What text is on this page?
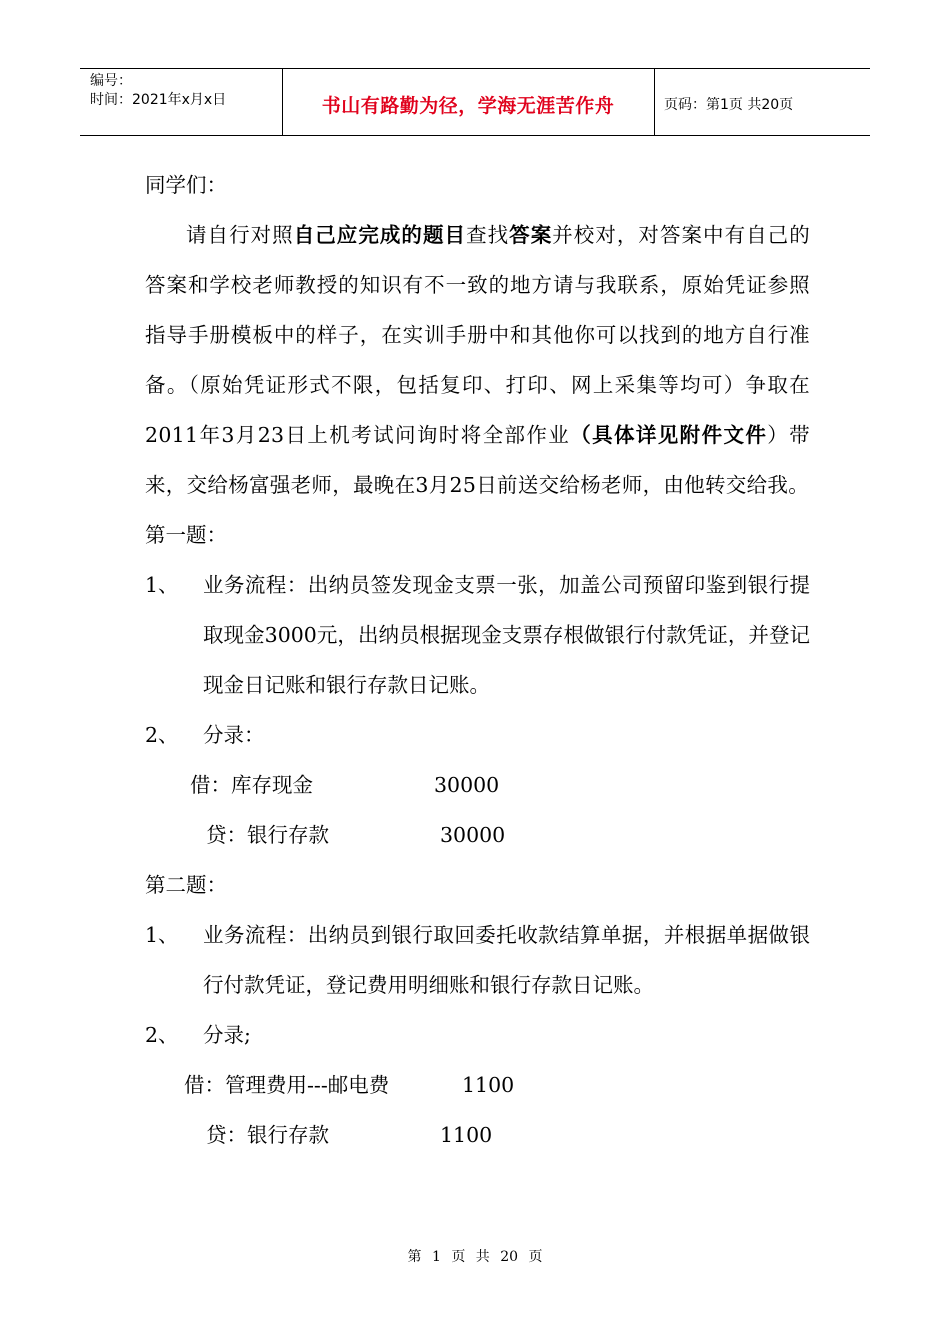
编号：
时间：2021年x月x日	书山有路勤为径，学海无涯苦作舟	页码：第1页 共20页

同学们：

请自行对照自己应完成的题目查找答案并校对，对答案中有自己的答案和学校老师教授的知识有不一致的地方请与我联系，原始凭证参照指导手册模板中的样子，在实训手册中和其他你可以找到的地方自行准备。（原始凭证形式不限，包括复印、打印、网上采集等均可）争取在2011年3月23日上机考试问询时将全部作业（具体详见附件文件）带来，交给杨富强老师，最晚在3月25日前送交给杨老师，由他转交给我。

第一题：

1、 业务流程：出纳员签发现金支票一张，加盖公司预留印鉴到银行提取现金3000元，出纳员根据现金支票存根做银行付款凭证，并登记现金日记账和银行存款日记账。
2、 分录：
借：库存现金	30000
贷：银行存款	30000

第二题：

1、 业务流程：出纳员到银行取回委托收款结算单据，并根据单据做银行付款凭证，登记费用明细账和银行存款日记账。
2、 分录;
借：管理费用---邮电费	1100
贷：银行存款	1100
第 1 页 共 20 页
